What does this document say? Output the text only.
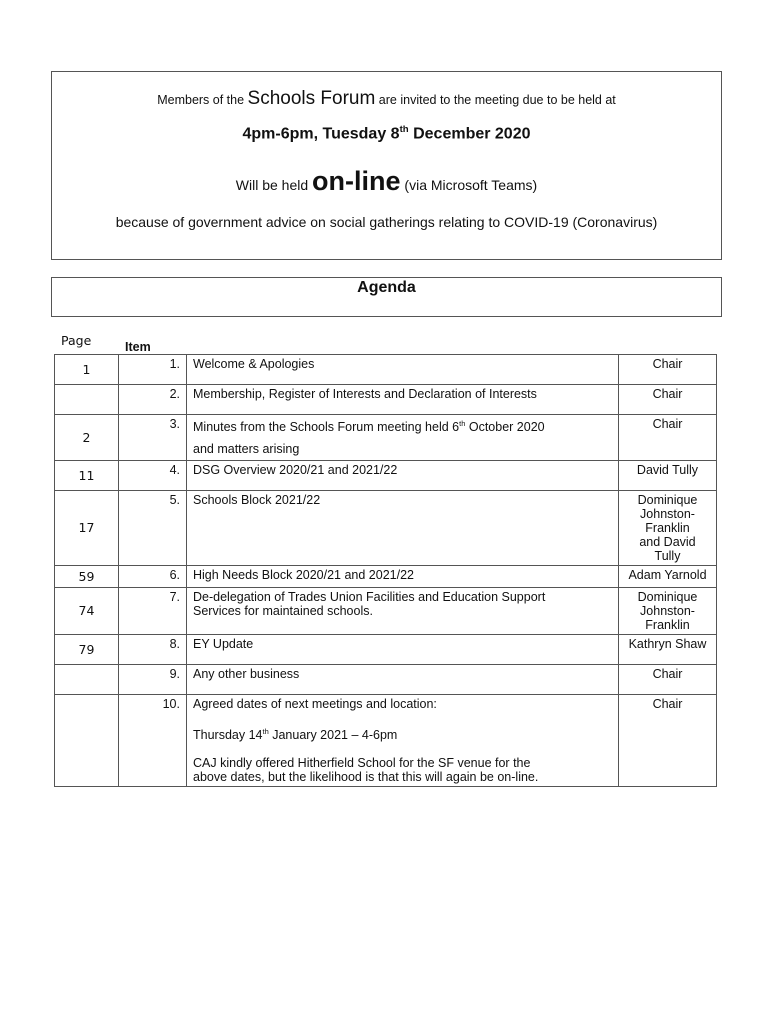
Members of the Schools Forum are invited to the meeting due to be held at
4pm-6pm, Tuesday 8th December 2020
Will be held on-line (via Microsoft Teams)
because of government advice on social gatherings relating to COVID-19 (Coronavirus)
Agenda
Page	Item
1	1.	Welcome & Apologies	Chair
	2.	Membership, Register of Interests and Declaration of Interests	Chair
2	3.	Minutes from the Schools Forum meeting held 6th October 2020
and matters arising	Chair
11	4.	DSG Overview 2020/21 and 2021/22	David Tully
17	5.	Schools Block 2021/22	Dominique
Johnston-Franklin
and David Tully

59	6.	High Needs Block 2020/21 and 2021/22	Adam Yarnold
74	7.	De-delegation of Trades Union Facilities and Education Support
Services for maintained schools.	Dominique
Johnston-Franklin

79	8.	EY Update	Kathryn Shaw
	9.	Any other business	Chair
	10.	Agreed dates of next meetings and location:
Thursday 14th January 2021 – 4-6pm
CAJ kindly offered Hitherfield School for the SF venue for the
above dates, but the likelihood is that this will again be on-line.	Chair
